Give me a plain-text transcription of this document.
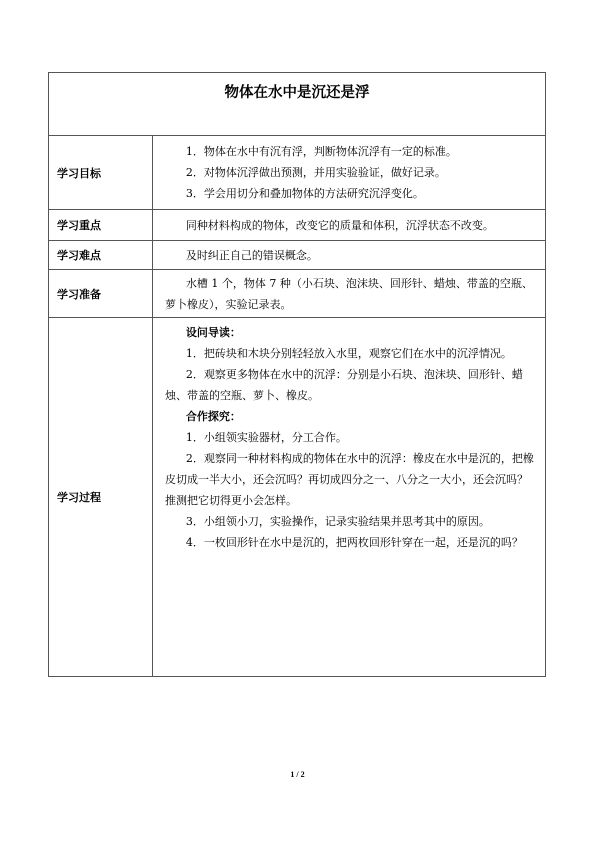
物体在水中是沉还是浮
学习目标

1．物体在水中有沉有浮，判断物体沉浮有一定的标准。

2．对物体沉浮做出预测，并用实验验证，做好记录。

3．学会用切分和叠加物体的方法研究沉浮变化。

学习重点	同种材料构成的物体，改变它的质量和体积，沉浮状态不改变。

学习难点	及时纠正自己的错误概念。

学习准备

水槽 1 个，物体 7 种（小石块、泡沫块、回形针、蜡烛、带盖的空瓶、萝卜橡皮），实验记录表。

学习过程

设问导读：

1．把砖块和木块分别轻轻放入水里，观察它们在水中的沉浮情况。

2．观察更多物体在水中的沉浮：分别是小石块、泡沫块、回形针、蜡烛、带盖的空瓶、萝卜、橡皮。

合作探究：

1．小组领实验器材，分工合作。

2．观察同一种材料构成的物体在水中的沉浮：橡皮在水中是沉的，把橡皮切成一半大小，还会沉吗？再切成四分之一、八分之一大小，还会沉吗？推测把它切得更小会怎样。

3．小组领小刀，实验操作，记录实验结果并思考其中的原因。

4．一枚回形针在水中是沉的，把两枚回形针穿在一起，还是沉的吗？

1 / 2
